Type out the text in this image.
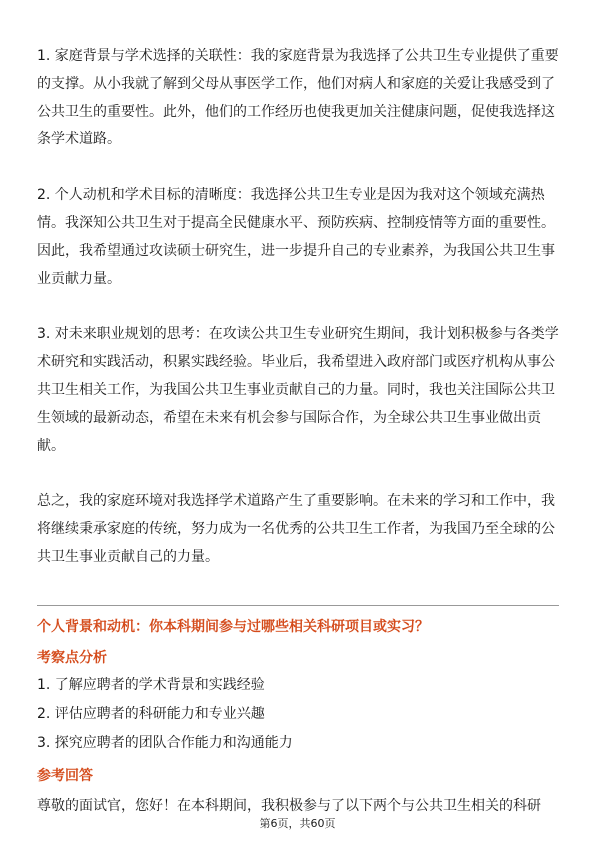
1. 家庭背景与学术选择的关联性：我的家庭背景为我选择了公共卫生专业提供了重要的支撑。从小我就了解到父母从事医学工作，他们对病人和家庭的关爱让我感受到了公共卫生的重要性。此外，他们的工作经历也使我更加关注健康问题，促使我选择这条学术道路。

2. 个人动机和学术目标的清晰度：我选择公共卫生专业是因为我对这个领域充满热情。我深知公共卫生对于提高全民健康水平、预防疾病、控制疫情等方面的重要性。因此，我希望通过攻读硕士研究生，进一步提升自己的专业素养，为我国公共卫生事业贡献力量。

3. 对未来职业规划的思考：在攻读公共卫生专业研究生期间，我计划积极参与各类学术研究和实践活动，积累实践经验。毕业后，我希望进入政府部门或医疗机构从事公共卫生相关工作，为我国公共卫生事业贡献自己的力量。同时，我也关注国际公共卫生领域的最新动态，希望在未来有机会参与国际合作，为全球公共卫生事业做出贡献。

总之，我的家庭环境对我选择学术道路产生了重要影响。在未来的学习和工作中，我将继续秉承家庭的传统，努力成为一名优秀的公共卫生工作者，为我国乃至全球的公共卫生事业贡献自己的力量。

个人背景和动机：你本科期间参与过哪些相关科研项目或实习？

考察点分析

1. 了解应聘者的学术背景和实践经验

2. 评估应聘者的科研能力和专业兴趣

3. 探究应聘者的团队合作能力和沟通能力

参考回答

尊敬的面试官，您好！在本科期间，我积极参与了以下两个与公共卫生相关的科研

第6页，共60页
